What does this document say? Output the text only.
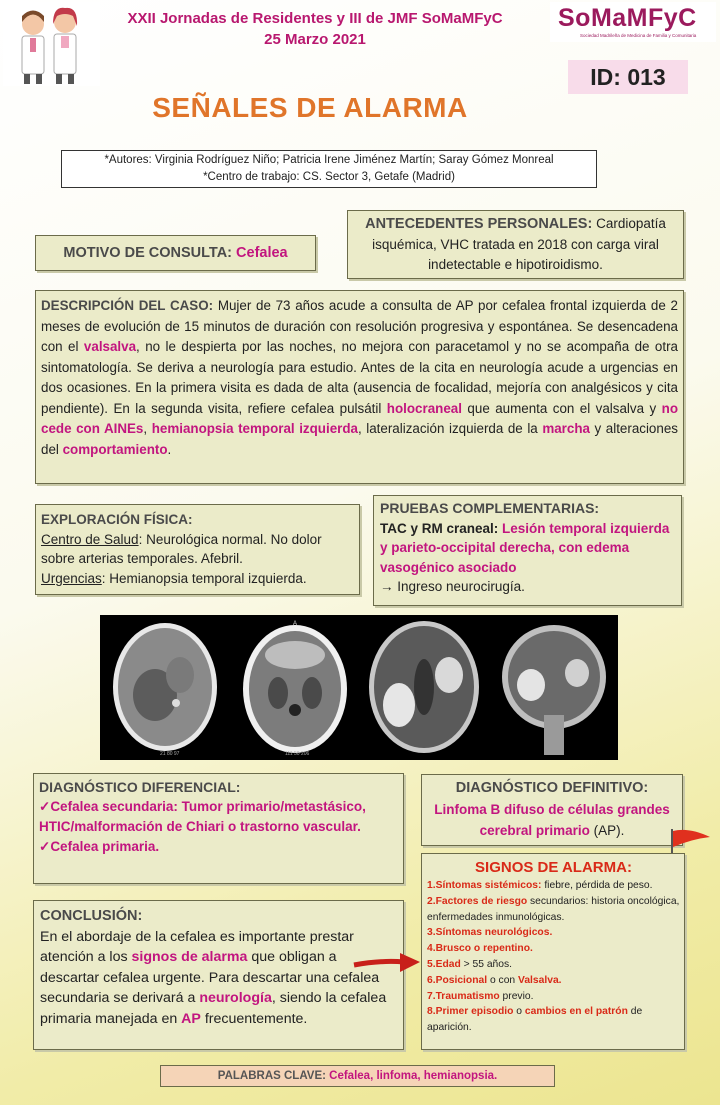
XXII Jornadas de Residentes y III de JMF SoMaMFyC
25 Marzo 2021
SoMaMFyC
Sociedad Madrileña de Medicina de Familia y Comunitaria
ID: 013
SEÑALES DE ALARMA
*Autores: Virginia Rodríguez Niño; Patricia Irene Jiménez Martín; Saray Gómez Monreal
*Centro de trabajo: CS. Sector 3, Getafe (Madrid)
MOTIVO DE CONSULTA: Cefalea
ANTECEDENTES PERSONALES: Cardiopatía isquémica, VHC tratada en 2018 con carga viral indetectable e hipotiroidismo.
DESCRIPCIÓN DEL CASO: Mujer de 73 años acude a consulta de AP por cefalea frontal izquierda de 2 meses de evolución de 15 minutos de duración con resolución progresiva y espontánea. Se desencadena con el valsalva, no le despierta por las noches, no mejora con paracetamol y no se acompaña de otra sintomatología. Se deriva a neurología para estudio. Antes de la cita en neurología acude a urgencias en dos ocasiones. En la primera visita es dada de alta (ausencia de focalidad, mejoría con analgésicos y cita pendiente). En la segunda visita, refiere cefalea pulsátil holocraneal que aumenta con el valsalva y no cede con AINEs, hemianopsia temporal izquierda, lateralización izquierda de la marcha y alteraciones del comportamiento.
EXPLORACIÓN FÍSICA:
Centro de Salud: Neurológica normal. No dolor sobre arterias temporales. Afebril.
Urgencias: Hemianopsia temporal izquierda.
PRUEBAS COMPLEMENTARIAS:
TAC y RM craneal: Lesión temporal izquierda y parieto-occipital derecha, con edema vasogénico asociado
→ Ingreso neurocirugía.
21 80 97
A
111 50 206
DIAGNÓSTICO DIFERENCIAL:
✓Cefalea secundaria: Tumor primario/metastásico, HTIC/malformación de Chiari o trastorno vascular.
✓Cefalea primaria.
DIAGNÓSTICO DEFINITIVO:
Linfoma B difuso de células grandes cerebral primario (AP).
SIGNOS DE ALARMA:
1.Síntomas sistémicos: fiebre, pérdida de peso.
2.Factores de riesgo secundarios: historia oncológica, enfermedades inmunológicas.
3.Síntomas neurológicos.
4.Brusco o repentino.
5.Edad > 55 años.
6.Posicional o con Valsalva.
7.Traumatismo previo.
8.Primer episodio o cambios en el patrón de aparición.
CONCLUSIÓN:
En el abordaje de la cefalea es importante prestar atención a los signos de alarma que obligan a descartar cefalea urgente. Para descartar una cefalea secundaria se derivará a neurología, siendo la cefalea primaria manejada en AP frecuentemente.
PALABRAS CLAVE: Cefalea, linfoma, hemianopsia.
